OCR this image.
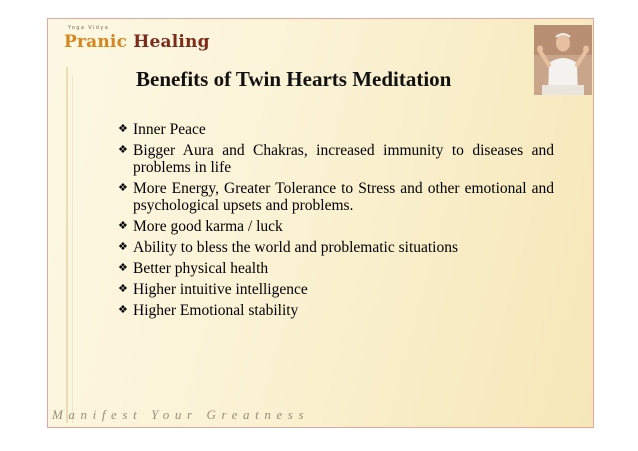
Yoga Vidya
Pranic Healing
Benefits of Twin Hearts Meditation
❖ Inner Peace
❖ Bigger Aura and Chakras, increased immunity to diseases and problems in life
❖ More Energy, Greater Tolerance to Stress and other emotional and psychological upsets and problems.
❖ More good karma / luck
❖ Ability to bless the world and problematic situations
❖ Better physical health
❖ Higher intuitive intelligence
❖ Higher Emotional stability
Manifest Your Greatness
